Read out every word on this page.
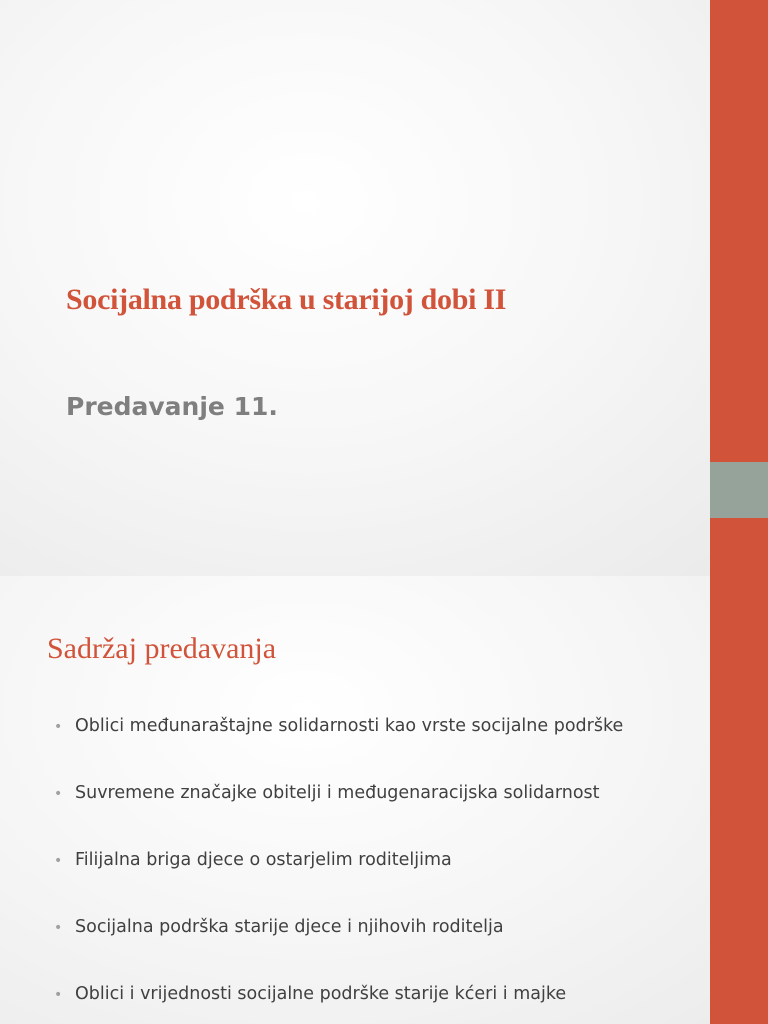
Socijalna podrška u starijoj dobi II
Predavanje 11.
Sadržaj predavanja
• Oblici međunaraštajne solidarnosti kao vrste socijalne podrške
• Suvremene značajke obitelji i međugenaracijska solidarnost
• Filijalna briga djece o ostarjelim roditeljima
• Socijalna podrška starije djece i njihovih roditelja
• Oblici i vrijednosti socijalne podrške starije kćeri i majke
